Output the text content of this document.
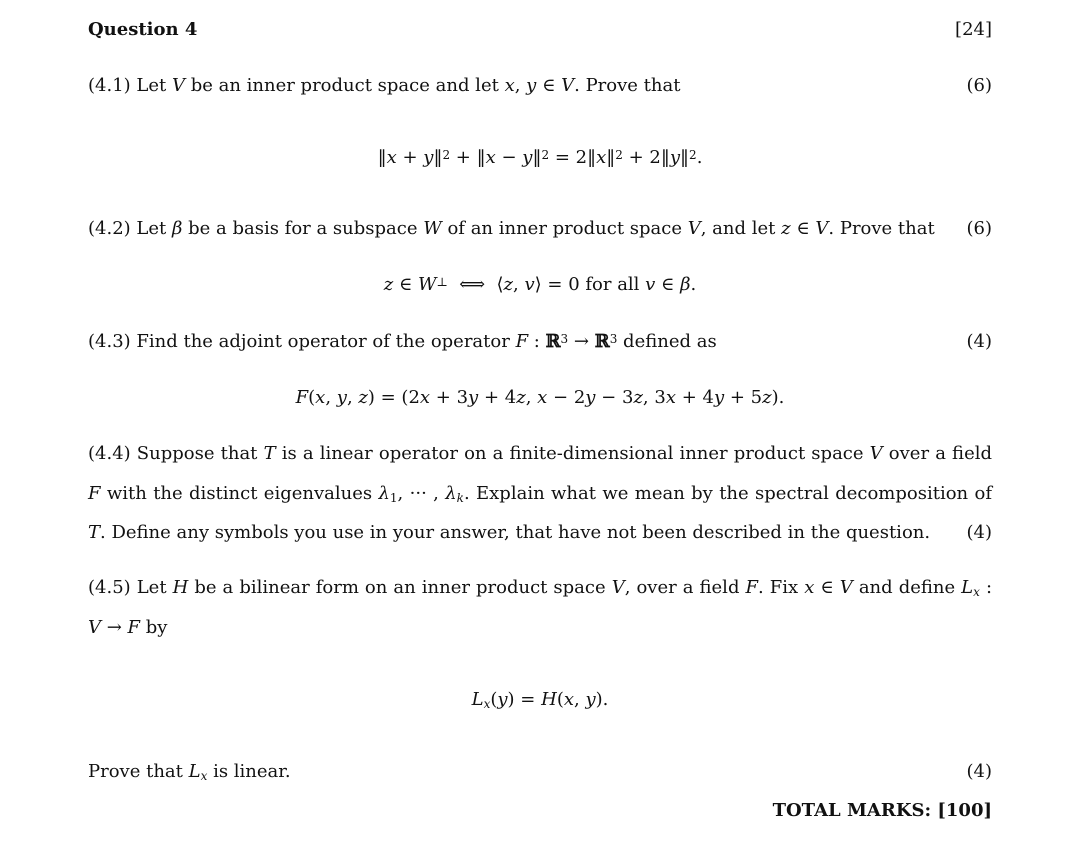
Question 4	[24]
(4.1) Let V be an inner product space and let x, y ∈ V. Prove that	(6)
‖x + y‖$^2$ + ‖x − y‖$^2$ = 2‖x‖$^2$ + 2‖y‖$^2$.
(4.2) Let β be a basis for a subspace W of an inner product space V, and let z ∈ V. Prove that (6)
z ∈ W⊥  ⟺  ⟨z, v⟩ = 0 for all v ∈ β.
(4.3) Find the adjoint operator of the operator F : ℝ$^3$ → ℝ$^3$ defined as	(4)
F(x, y, z) = (2x + 3y + 4z, x − 2y − 3z, 3x + 4y + 5z).
(4.4) Suppose that T is a linear operator on a finite-dimensional inner product space V over a field F with the distinct eigenvalues $\lambda_1$, ··· , $\lambda_k$. Explain what we mean by the spectral decomposition of T. Define any symbols you use in your answer, that have not been described in the question.	(4)
(4.5) Let H be a bilinear form on an inner product space V, over a field F. Fix x ∈ V and define $L_x$ : V → F by
$L_x(y) = H(x$, y).
Prove that $L_x$ is linear.	(4)
TOTAL MARKS: [100]
